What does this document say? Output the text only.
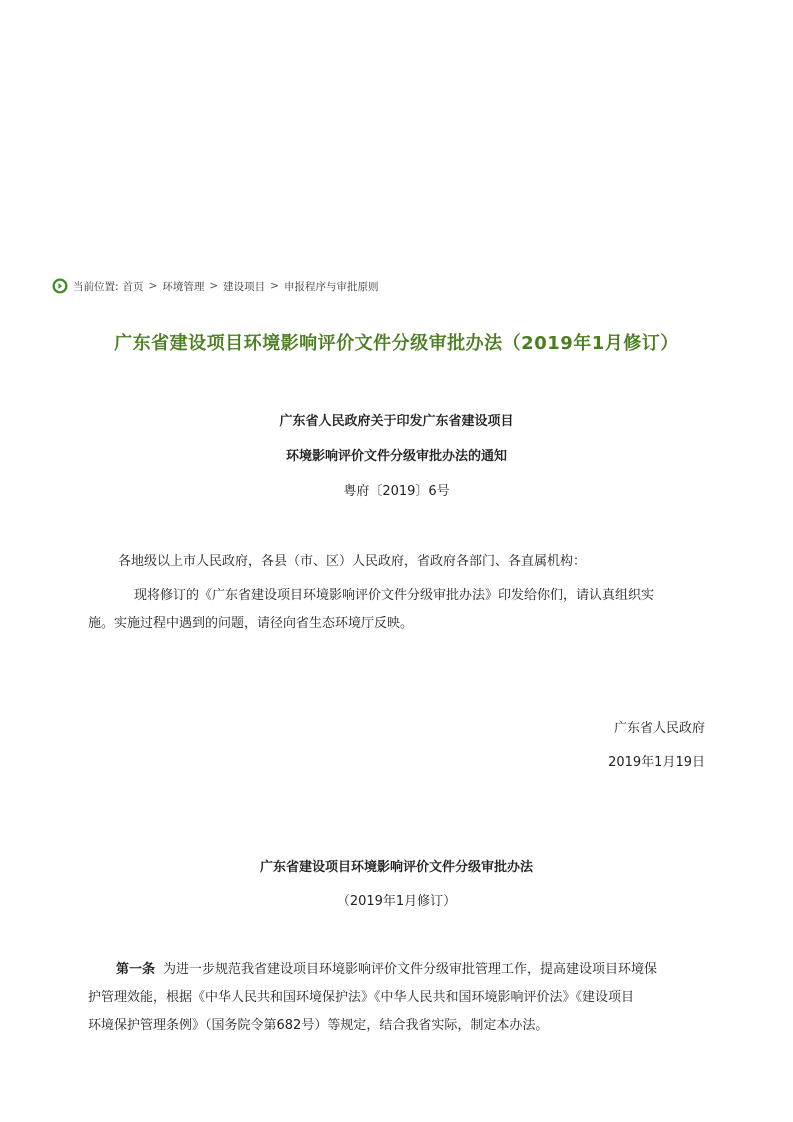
当前位置: 首页 > 环境管理 > 建设项目 > 申报程序与审批原则
广东省建设项目环境影响评价文件分级审批办法（2019年1月修订）
广东省人民政府关于印发广东省建设项目
环境影响评价文件分级审批办法的通知
粤府〔2019〕6号
各地级以上市人民政府，各县（市、区）人民政府，省政府各部门、各直属机构：
现将修订的《广东省建设项目环境影响评价文件分级审批办法》印发给你们，请认真组织实
施。实施过程中遇到的问题，请径向省生态环境厅反映。
广东省人民政府
2019年1月19日
广东省建设项目环境影响评价文件分级审批办法
（2019年1月修订）
第一条 为进一步规范我省建设项目环境影响评价文件分级审批管理工作，提高建设项目环境保
护管理效能，根据《中华人民共和国环境保护法》《中华人民共和国环境影响评价法》《建设项目
环境保护管理条例》（国务院令第682号）等规定，结合我省实际，制定本办法。
